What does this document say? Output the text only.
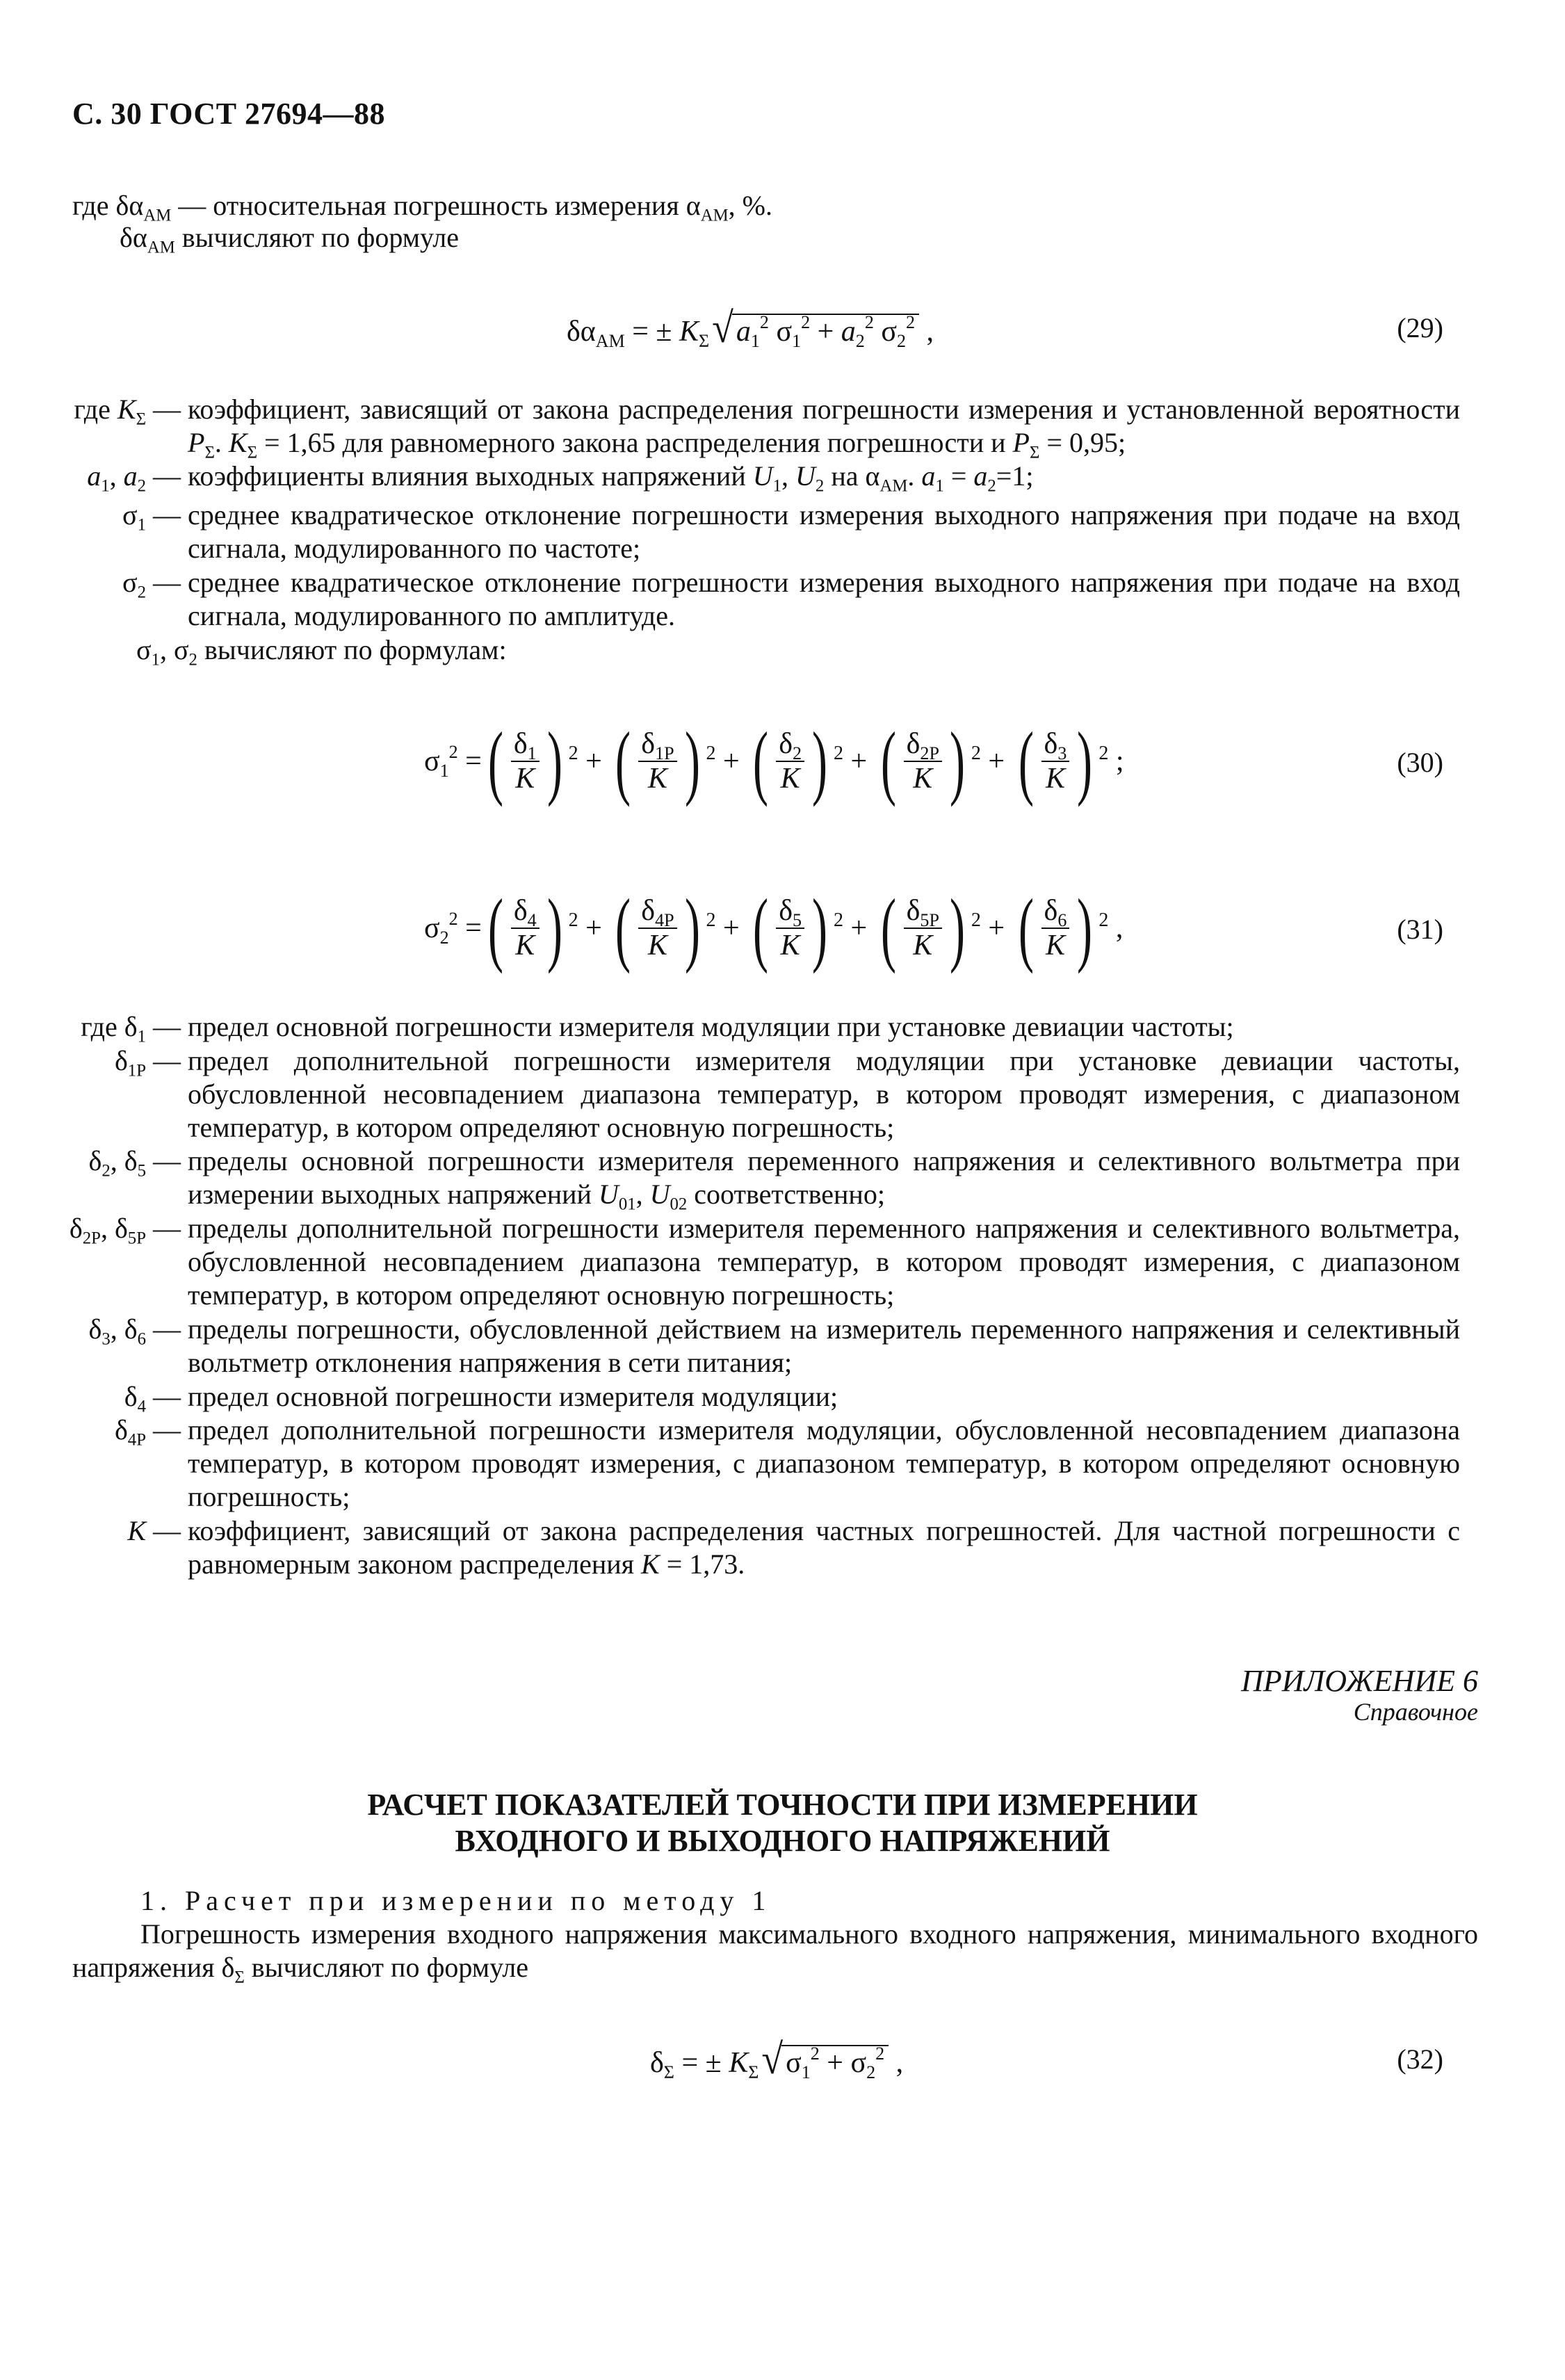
С. 30 ГОСТ 27694—88
где $\delta\alpha_{АМ}$ — относительная погрешность измерения $\alpha_{АМ}$, %.
$\delta\alpha_{АМ}$ вычисляют по формуле
$\delta\alpha_{AM}$ = ± $K_\Sigma√a_1^2$ $\sigma_1^2 + a_2^2$ $\sigma_2^2$ ,	(29)
где $K_\Sigma$ — коэффициент, зависящий от закона распределения погрешности измерения и установленной вероятности $P_\Sigma$. $K_\Sigma = 1,65$ для равномерного закона распределения погрешности и $P_\Sigma = 0,95$;
$a_1$, $a_2$ — коэффициенты влияния выходных напряжений $U_1$, $U_2$ на $\alpha_{AM}$. $a_1 = a_2=1$;
$\sigma_1$ — среднее квадратическое отклонение погрешности измерения выходного напряжения при подаче на вход сигнала, модулированного по частоте;
$\sigma_2$ — среднее квадратическое отклонение погрешности измерения выходного напряжения при подаче на вход сигнала, модулированного по амплитуде.
$\sigma_1$, $\sigma_2$ вычисляют по формулам:
$\sigma_1^2$ = ( $\frac{\delta_1}{K}$ ) 2 + ( $\frac{\delta_{1P}}{K}$ ) 2 + ( $\frac{\delta_2}{K}$ ) 2 + ( $\frac{\delta_{2P}}{K}$ ) 2 + ( $\frac{\delta_3}{K}$ ) 2 ;	(30)
$\sigma_2^2$ = ( $\frac{\delta_4}{K}$ ) 2 + ( $\frac{\delta_{4P}}{K}$ ) 2 + ( $\frac{\delta_5}{K}$ ) 2 + ( $\frac{\delta_{5P}}{K}$ ) 2 + ( $\frac{\delta_6}{K}$ ) 2 ,	(31)
где $\delta_1$ — предел основной погрешности измерителя модуляции при установке девиации частоты;
$\delta_{1P}$ — предел дополнительной погрешности измерителя модуляции при установке девиации частоты, обусловленной несовпадением диапазона температур, в котором проводят измерения, с диапазоном температур, в котором определяют основную погрешность;
$\delta_2$, $\delta_5$ — пределы основной погрешности измерителя переменного напряжения и селективного вольтметра при измерении выходных напряжений $U_{01}$, $U_{02}$ соответственно;
$\delta_{2P}$, $\delta_{5P}$ — пределы дополнительной погрешности измерителя переменного напряжения и селективного вольтметра, обусловленной несовпадением диапазона температур, в котором проводят измерения, с диапазоном температур, в котором определяют основную погрешность;
$\delta_3$, $\delta_6$ — пределы погрешности, обусловленной действием на измеритель переменного напряжения и селективный вольтметр отклонения напряжения в сети питания;
$\delta_4$ — предел основной погрешности измерителя модуляции;
$\delta_{4P}$ — предел дополнительной погрешности измерителя модуляции, обусловленной несовпадением диапазона температур, в котором проводят измерения, с диапазоном температур, в котором определяют основную погрешность;
K — коэффициент, зависящий от закона распределения частных погрешностей. Для частной погрешности с равномерным законом распределения K = 1,73.
ПРИЛОЖЕНИЕ 6
Справочное
РАСЧЕТ ПОКАЗАТЕЛЕЙ ТОЧНОСТИ ПРИ ИЗМЕРЕНИИ
ВХОДНОГО И ВЫХОДНОГО НАПРЯЖЕНИЙ
1. Расчет при измерении по методу 1
Погрешность измерения входного напряжения максимального входного напряжения, минимального входного напряжения $\delta_\Sigma$ вычисляют по формуле
$\delta_\Sigma$ = ± $K_\Sigma√\sigma_1^2 + \sigma_2^2$ ,	(32)
